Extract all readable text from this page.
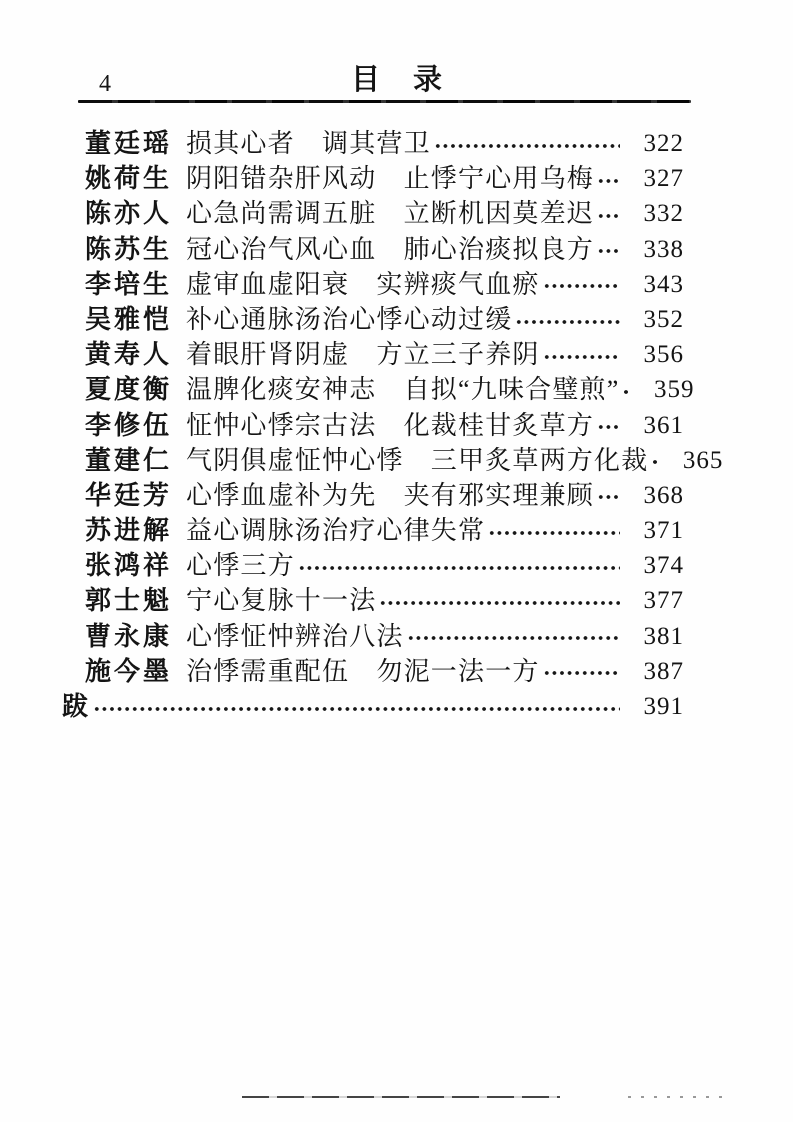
4	目　录
董廷瑶 损其心者　调其营卫	322
姚荷生 阴阳错杂肝风动　止悸宁心用乌梅	327
陈亦人 心急尚需调五脏　立断机因莫差迟	332
陈苏生 冠心治气风心血　肺心治痰拟良方	338
李培生 虚审血虚阳衰　实辨痰气血瘀	343
吴雅恺 补心通脉汤治心悸心动过缓	352
黄寿人 着眼肝肾阴虚　方立三子养阴	356
夏度衡 温脾化痰安神志　自拟“九味合璧煎”	359
李修伍 怔忡心悸宗古法　化裁桂甘炙草方	361
董建仁 气阴俱虚怔忡心悸　三甲炙草两方化裁	365
华廷芳 心悸血虚补为先　夹有邪实理兼顾	368
苏进解 益心调脉汤治疗心律失常	371
张鸿祥 心悸三方	374
郭士魁 宁心复脉十一法	377
曹永康 心悸怔忡辨治八法	381
施今墨 治悸需重配伍　勿泥一法一方	387
跋	391
